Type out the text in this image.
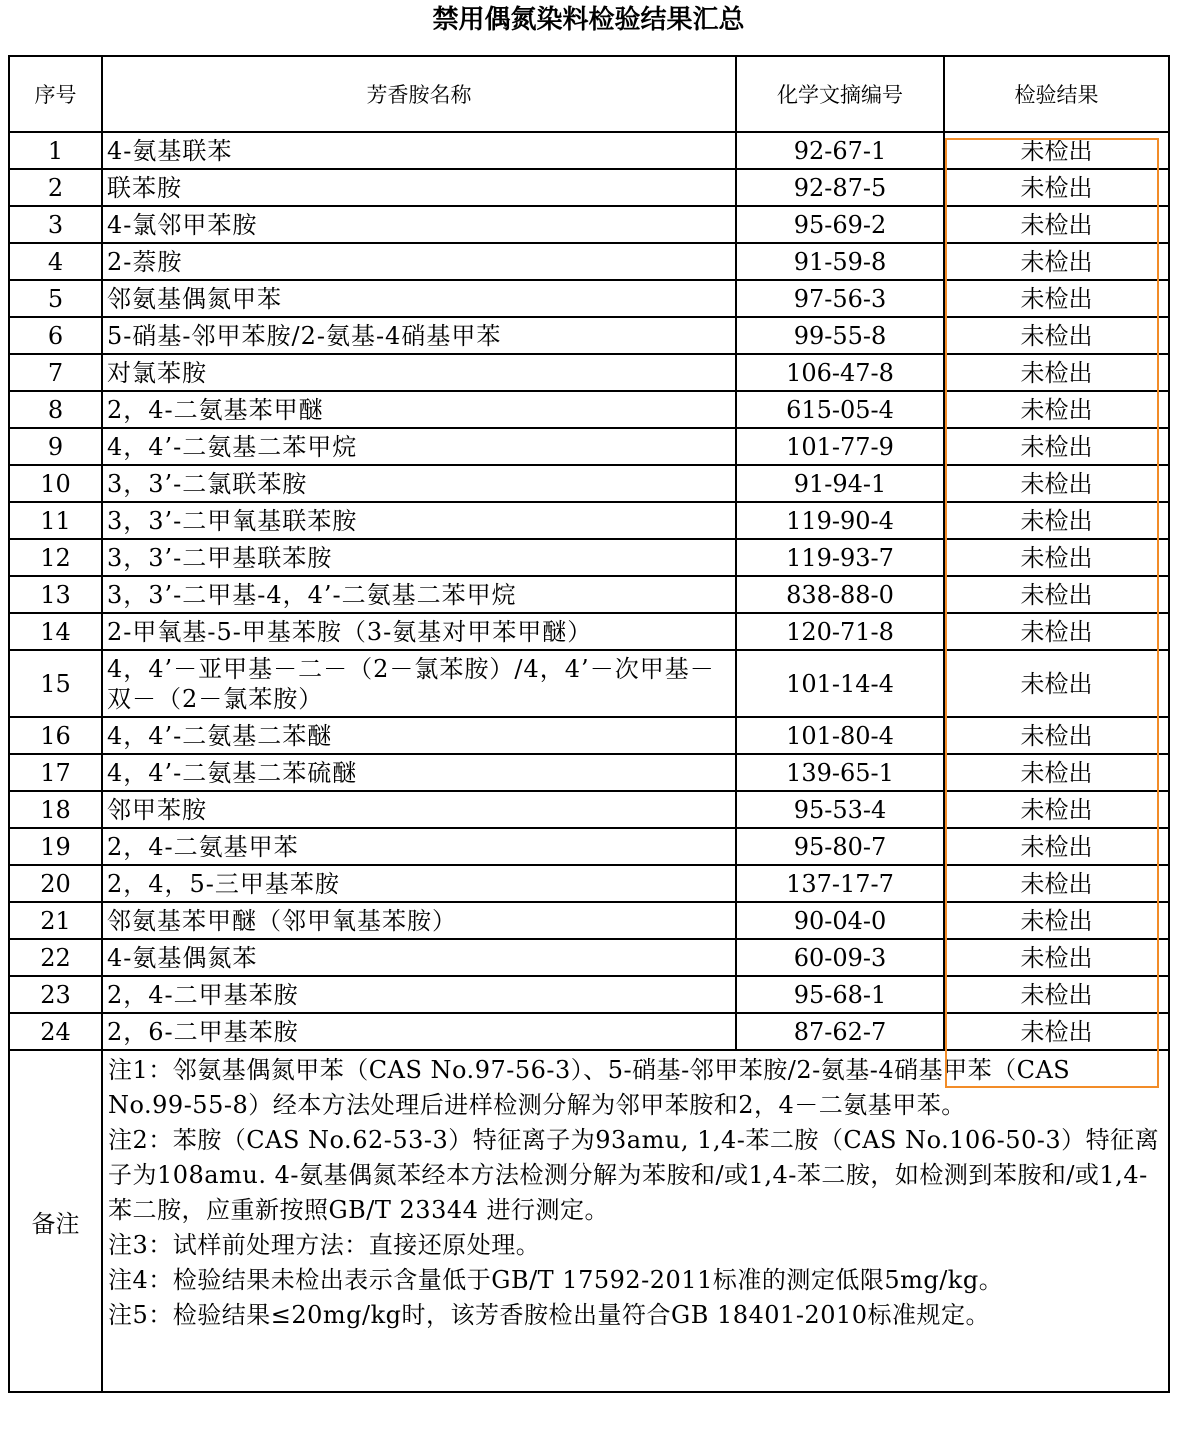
禁用偶氮染料检验结果汇总
序号	芳香胺名称	化学文摘编号	检验结果
1	4-氨基联苯	92-67-1	未检出
2	联苯胺	92-87-5	未检出
3	4-氯邻甲苯胺	95-69-2	未检出
4	2-萘胺	91-59-8	未检出
5	邻氨基偶氮甲苯	97-56-3	未检出
6	5-硝基-邻甲苯胺/2-氨基-4硝基甲苯	99-55-8	未检出
7	对氯苯胺	106-47-8	未检出
8	2，4-二氨基苯甲醚	615-05-4	未检出
9	4，4’-二氨基二苯甲烷	101-77-9	未检出
10	3，3’-二氯联苯胺	91-94-1	未检出
11	3，3’-二甲氧基联苯胺	119-90-4	未检出
12	3，3’-二甲基联苯胺	119-93-7	未检出
13	3，3’-二甲基-4，4’-二氨基二苯甲烷	838-88-0	未检出
14	2-甲氧基-5-甲基苯胺（3-氨基对甲苯甲醚）	120-71-8	未检出
15	4，4’－亚甲基－二－（2－氯苯胺）/4，4’－次甲基－双－（2－氯苯胺）	101-14-4	未检出
16	4，4’-二氨基二苯醚	101-80-4	未检出
17	4，4’-二氨基二苯硫醚	139-65-1	未检出
18	邻甲苯胺	95-53-4	未检出
19	2，4-二氨基甲苯	95-80-7	未检出
20	2，4，5-三甲基苯胺	137-17-7	未检出
21	邻氨基苯甲醚（邻甲氧基苯胺）	90-04-0	未检出
22	4-氨基偶氮苯	60-09-3	未检出
23	2，4-二甲基苯胺	95-68-1	未检出
24	2，6-二甲基苯胺	87-62-7	未检出
备注	注1：邻氨基偶氮甲苯（CAS No.97-56-3）、5-硝基-邻甲苯胺/2-氨基-4硝基甲苯（CAS No.99-55-8）经本方法处理后进样检测分解为邻甲苯胺和2，4－二氨基甲苯。
注2：苯胺（CAS No.62-53-3）特征离子为93amu, 1,4-苯二胺（CAS No.106-50-3）特征离子为108amu. 4-氨基偶氮苯经本方法检测分解为苯胺和/或1,4-苯二胺，如检测到苯胺和/或1,4-苯二胺，应重新按照GB/T 23344 进行测定。
注3：试样前处理方法：直接还原处理。
注4：检验结果未检出表示含量低于GB/T 17592-2011标准的测定低限5mg/kg。
注5：检验结果≤20mg/kg时，该芳香胺检出量符合GB 18401-2010标准规定。		
